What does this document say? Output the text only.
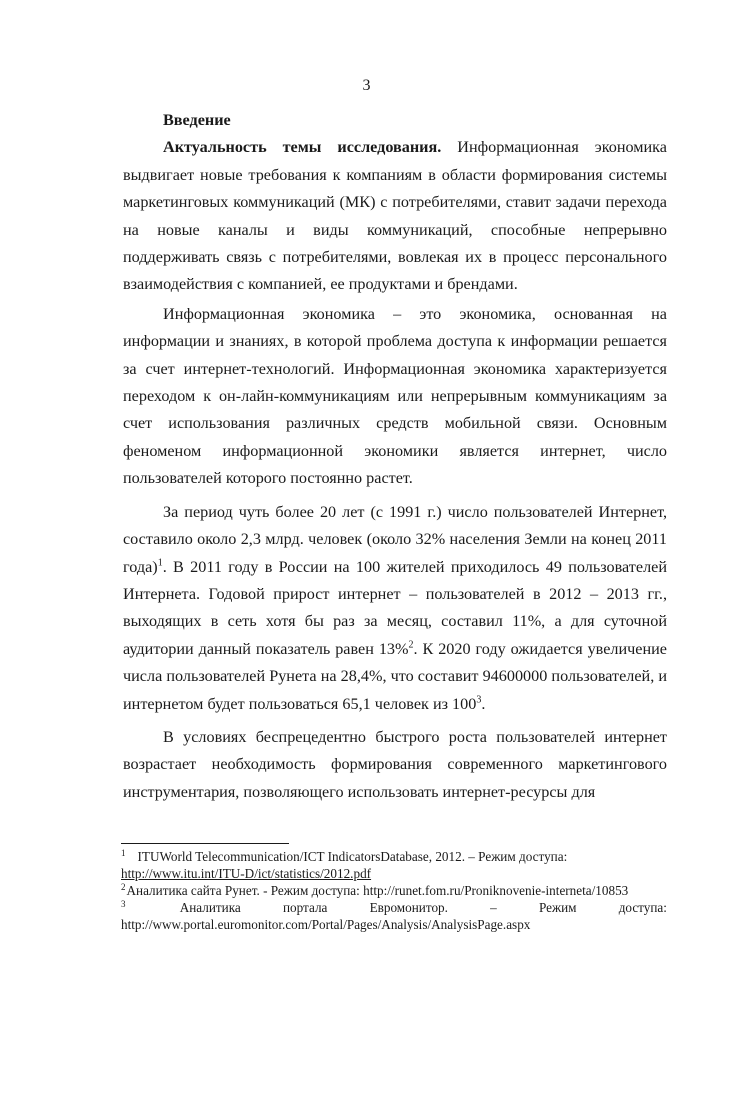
3

Введение

Актуальность темы исследования. Информационная экономика выдвигает новые требования к компаниям в области формирования системы маркетинговых коммуникаций (МК) с потребителями, ставит задачи перехода на новые каналы и виды коммуникаций, способные непрерывно поддерживать связь с потребителями, вовлекая их в процесс персонального взаимодействия с компанией, ее продуктами и брендами.

Информационная экономика – это экономика, основанная на информации и знаниях, в которой проблема доступа к информации решается за счет интернет-технологий. Информационная экономика характеризуется переходом к он-лайн-коммуникациям или непрерывным коммуникациям за счет использования различных средств мобильной связи. Основным феноменом информационной экономики является интернет, число пользователей которого постоянно растет.

За период чуть более 20 лет (с 1991 г.) число пользователей Интернет, составило около 2,3 млрд. человек (около 32% населения Земли на конец 2011 года)$^1$. В 2011 году в России на 100 жителей приходилось 49 пользователей Интернета. Годовой прирост интернет – пользователей в 2012 – 2013 гг., выходящих в сеть хотя бы раз за месяц, составил 11%, а для суточной аудитории данный показатель равен 13%$^2$. К 2020 году ожидается увеличение числа пользователей Рунета на 28,4%, что составит 94600000 пользователей, и интернетом будет пользоваться 65,1 человек из $100^3$.

В условиях беспрецедентно быстрого роста пользователей интернет возрастает необходимость формирования современного маркетингового инструментария, позволяющего использовать интернет-ресурсы для

$^1$ ITUWorld Telecommunication/ICT IndicatorsDatabase, 2012. – Режим доступа:
http://www.itu.int/ITU-D/ict/statistics/2012.pdf

$^2$Аналитика сайта Рунет. - Режим доступа: http://runet.fom.ru/Proniknovenie-interneta/10853

$^3$	Аналитика	портала	Евромонитор.	–	Режим	доступа:

http://www.portal.euromonitor.com/Portal/Pages/Analysis/AnalysisPage.aspx
